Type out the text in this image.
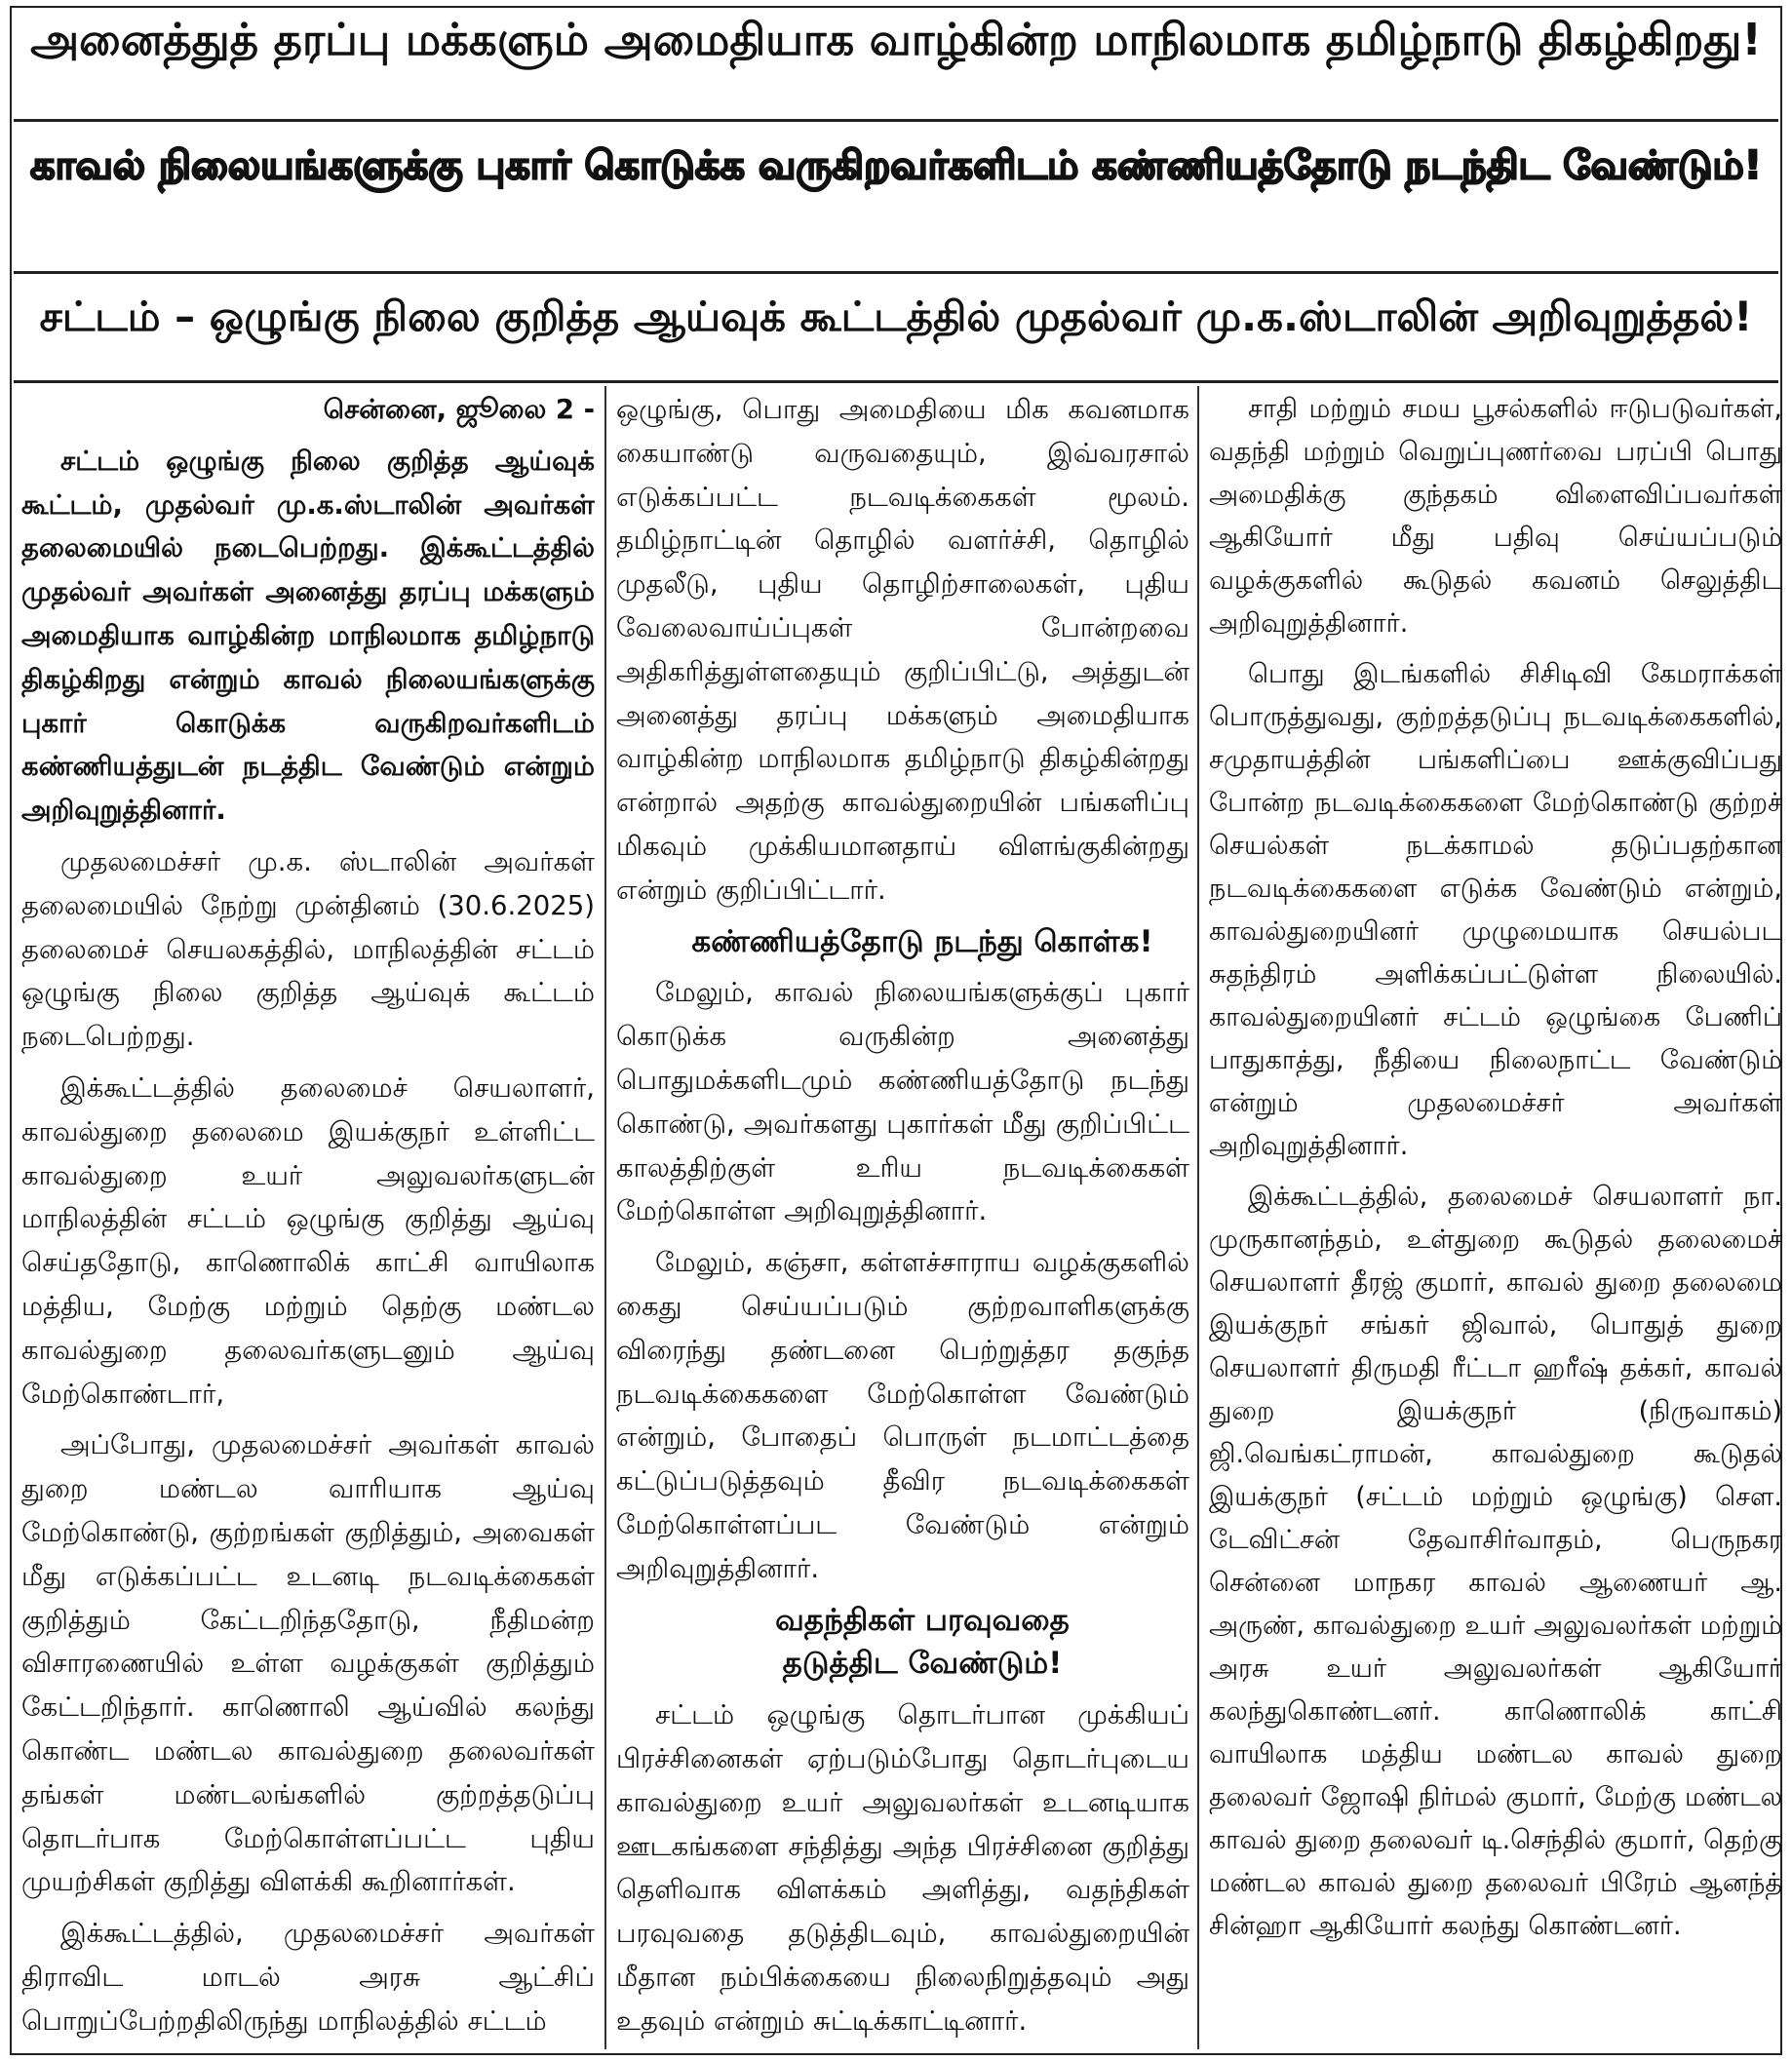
அனைத்துத் தரப்பு மக்களும் அமைதியாக வாழ்கின்ற மாநிலமாக தமிழ்நாடு திகழ்கிறது!
காவல் நிலையங்களுக்கு புகார் கொடுக்க வருகிறவர்களிடம் கண்ணியத்தோடு நடந்திட வேண்டும்!
சட்டம் – ஒழுங்கு நிலை குறித்த ஆய்வுக் கூட்டத்தில் முதல்வர் மு.க.ஸ்டாலின் அறிவுறுத்தல்!

சென்னை, ஜூலை 2 -

சட்டம் ஒழுங்கு நிலை குறித்த ஆய்வுக் கூட்டம், முதல்வர் மு.க.ஸ்டாலின் அவர்கள் தலைமையில் நடைபெற்றது. இக்கூட்டத்தில் முதல்வர் அவர்கள் அனைத்து தரப்பு மக்களும் அமைதியாக வாழ்கின்ற மாநிலமாக தமிழ்நாடு திகழ்கிறது என்றும் காவல் நிலையங்களுக்கு புகார் கொடுக்க வருகிறவர்களிடம் கண்ணியத்துடன் நடத்திட வேண்டும் என்றும் அறிவுறுத்தினார்.

முதலமைச்சர் மு.க. ஸ்டாலின் அவர்கள் தலைமையில் நேற்று முன்தினம் (30.6.2025) தலைமைச் செயலகத்தில், மாநிலத்தின் சட்டம் ஒழுங்கு நிலை குறித்த ஆய்வுக் கூட்டம் நடைபெற்றது.

இக்கூட்டத்தில் தலைமைச் செயலாளர், காவல்துறை தலைமை இயக்குநர் உள்ளிட்ட காவல்துறை உயர் அலுவலர்களுடன் மாநிலத்தின் சட்டம் ஒழுங்கு குறித்து ஆய்வு செய்ததோடு, காணொலிக் காட்சி வாயிலாக மத்திய, மேற்கு மற்றும் தெற்கு மண்டல காவல்துறை தலைவர்களுடனும் ஆய்வு மேற்கொண்டார்,

அப்போது, முதலமைச்சர் அவர்கள் காவல் துறை மண்டல வாரியாக ஆய்வு மேற்கொண்டு, குற்றங்கள் குறித்தும், அவைகள் மீது எடுக்கப்பட்ட உடனடி நடவடிக்கைகள் குறித்தும் கேட்டறிந்ததோடு, நீதிமன்ற விசாரணையில் உள்ள வழக்குகள் குறித்தும் கேட்டறிந்தார். காணொலி ஆய்வில் கலந்து கொண்ட மண்டல காவல்துறை தலைவர்கள் தங்கள் மண்டலங்களில் குற்றத்தடுப்பு தொடர்பாக மேற்கொள்ளப்பட்ட புதிய முயற்சிகள் குறித்து விளக்கி கூறினார்கள்.

இக்கூட்டத்தில், முதலமைச்சர் அவர்கள் திராவிட மாடல் அரசு ஆட்சிப் பொறுப்பேற்றதிலிருந்து மாநிலத்தில் சட்டம்

ஒழுங்கு, பொது அமைதியை மிக கவனமாக கையாண்டு வருவதையும், இவ்வரசால் எடுக்கப்பட்ட நடவடிக்கைகள் மூலம். தமிழ்நாட்டின் தொழில் வளர்ச்சி, தொழில் முதலீடு, புதிய தொழிற்சாலைகள், புதிய வேலைவாய்ப்புகள் போன்றவை அதிகரித்துள்ளதையும் குறிப்பிட்டு, அத்துடன் அனைத்து தரப்பு மக்களும் அமைதியாக வாழ்கின்ற மாநிலமாக தமிழ்நாடு திகழ்கின்றது என்றால் அதற்கு காவல்துறையின் பங்களிப்பு மிகவும் முக்கியமானதாய் விளங்குகின்றது என்றும் குறிப்பிட்டார்.

கண்ணியத்தோடு நடந்து கொள்க!

மேலும், காவல் நிலையங்களுக்குப் புகார் கொடுக்க வருகின்ற அனைத்து பொதுமக்களிடமும் கண்ணியத்தோடு நடந்து கொண்டு, அவர்களது புகார்கள் மீது குறிப்பிட்ட காலத்திற்குள் உரிய நடவடிக்கைகள் மேற்கொள்ள அறிவுறுத்தினார்.

மேலும், கஞ்சா, கள்ளச்சாராய வழக்குகளில் கைது செய்யப்படும் குற்றவாளிகளுக்கு விரைந்து தண்டனை பெற்றுத்தர தகுந்த நடவடிக்கைகளை மேற்கொள்ள வேண்டும் என்றும், போதைப் பொருள் நடமாட்டத்தை கட்டுப்படுத்தவும் தீவிர நடவடிக்கைகள் மேற்கொள்ளப்பட வேண்டும் என்றும் அறிவுறுத்தினார்.

வதந்திகள் பரவுவதை

தடுத்திட வேண்டும்!

சட்டம் ஒழுங்கு தொடர்பான முக்கியப் பிரச்சினைகள் ஏற்படும்போது தொடர்புடைய காவல்துறை உயர் அலுவலர்கள் உடனடியாக ஊடகங்களை சந்தித்து அந்த பிரச்சினை குறித்து தெளிவாக விளக்கம் அளித்து, வதந்திகள் பரவுவதை தடுத்திடவும், காவல்துறையின் மீதான நம்பிக்கையை நிலைநிறுத்தவும் அது உதவும் என்றும் சுட்டிக்காட்டினார்.

சாதி மற்றும் சமய பூசல்களில் ஈடுபடுவர்கள், வதந்தி மற்றும் வெறுப்புணர்வை பரப்பி பொது அமைதிக்கு குந்தகம் விளைவிப்பவர்கள் ஆகியோர் மீது பதிவு செய்யப்படும் வழக்குகளில் கூடுதல் கவனம் செலுத்திட அறிவுறுத்தினார்.

பொது இடங்களில் சிசிடிவி கேமராக்கள் பொருத்துவது, குற்றத்தடுப்பு நடவடிக்கைகளில், சமுதாயத்தின் பங்களிப்பை ஊக்குவிப்பது போன்ற நடவடிக்கைகளை மேற்கொண்டு குற்றச் செயல்கள் நடக்காமல் தடுப்பதற்கான நடவடிக்கைகளை எடுக்க வேண்டும் என்றும், காவல்துறையினர் முழுமையாக செயல்பட சுதந்திரம் அளிக்கப்பட்டுள்ள நிலையில். காவல்துறையினர் சட்டம் ஒழுங்கை பேணிப் பாதுகாத்து, நீதியை நிலைநாட்ட வேண்டும் என்றும் முதலமைச்சர் அவர்கள் அறிவுறுத்தினார்.

இக்கூட்டத்தில், தலைமைச் செயலாளர் நா. முருகானந்தம், உள்துறை கூடுதல் தலைமைச் செயலாளர் தீரஜ் குமார், காவல் துறை தலைமை இயக்குநர் சங்கர் ஜிவால், பொதுத் துறை செயலாளர் திருமதி ரீட்டா ஹரீஷ் தக்கர், காவல் துறை இயக்குநர் (நிருவாகம்) ஜி.வெங்கட்ராமன், காவல்துறை கூடுதல் இயக்குநர் (சட்டம் மற்றும் ஒழுங்கு) செள. டேவிட்சன் தேவாசிர்வாதம், பெருநகர சென்னை மாநகர காவல் ஆணையர் ஆ. அருண், காவல்துறை உயர் அலுவலர்கள் மற்றும் அரசு உயர் அலுவலர்கள் ஆகியோர் கலந்துகொண்டனர். காணொலிக் காட்சி வாயிலாக மத்திய மண்டல காவல் துறை தலைவர் ஜோஷி நிர்மல் குமார், மேற்கு மண்டல காவல் துறை தலைவர் டி.செந்தில் குமார், தெற்கு மண்டல காவல் துறை தலைவர் பிரேம் ஆனந்த் சின்ஹா ஆகியோர் கலந்து கொண்டனர்.
